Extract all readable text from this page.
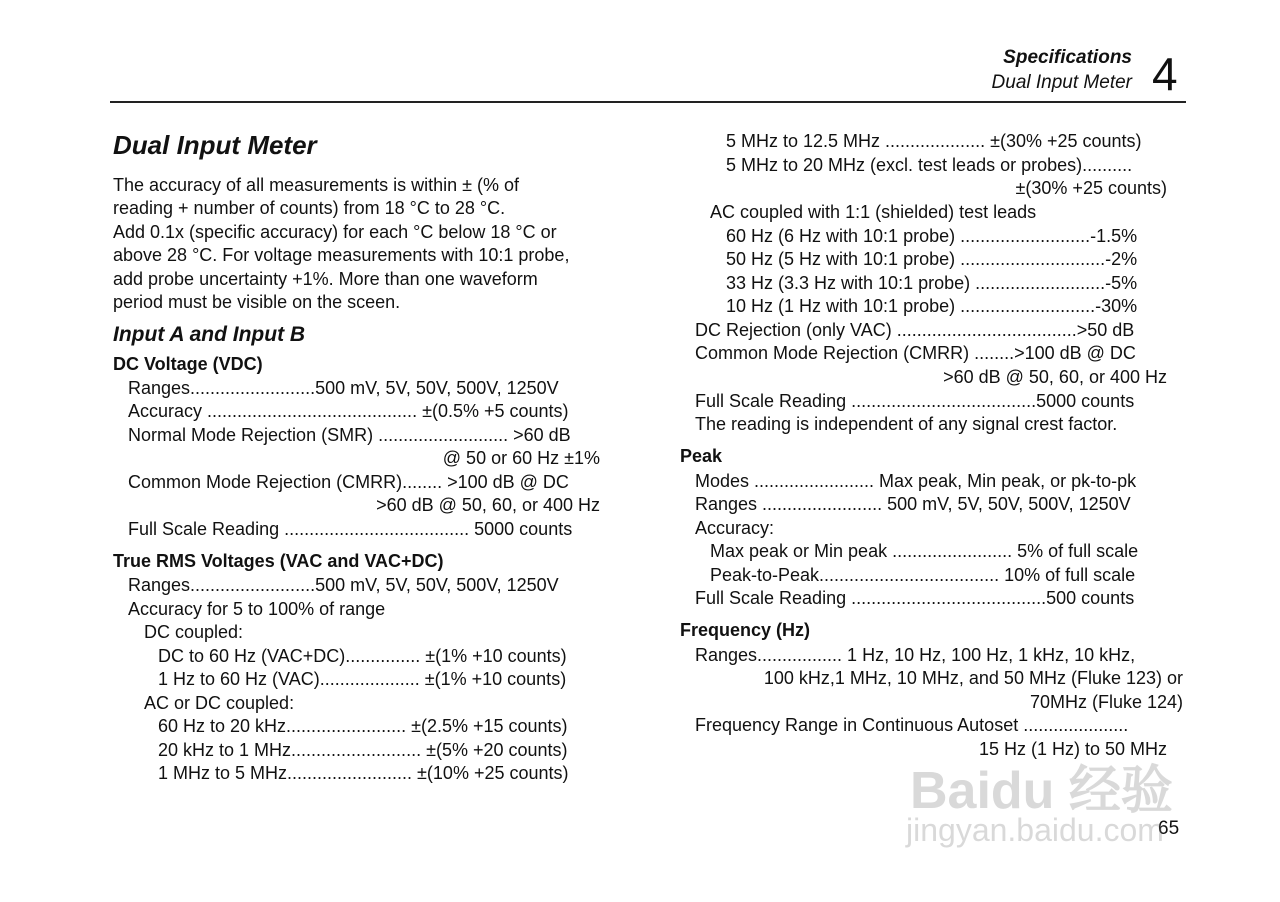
Specifications
Dual Input Meter 4
Dual Input Meter
The accuracy of all measurements is within ± (% of
reading + number of counts) from 18 °C to 28 °C.
Add 0.1x (specific accuracy) for each °C below 18 °C or
above 28 °C. For voltage measurements with 10:1 probe,
add probe uncertainty +1%. More than one waveform
period must be visible on the sceen.
Input A and Input B
DC Voltage (VDC)
Ranges.........................500 mV, 5V, 50V, 500V, 1250V
Accuracy .......................................... ±(0.5% +5 counts)
Normal Mode Rejection (SMR) .......................... >60 dB
@ 50 or 60 Hz ±1%
Common Mode Rejection (CMRR)........ >100 dB @ DC
>60 dB @ 50, 60, or 400 Hz
Full Scale Reading ..................................... 5000 counts
True RMS Voltages (VAC and VAC+DC)
Ranges.........................500 mV, 5V, 50V, 500V, 1250V
Accuracy for 5 to 100% of range
DC coupled:
DC to 60 Hz (VAC+DC)............... ±(1% +10 counts)
1 Hz to 60 Hz (VAC).................... ±(1% +10 counts)
AC or DC coupled:
60 Hz to 20 kHz........................ ±(2.5% +15 counts)
20 kHz to 1 MHz.......................... ±(5% +20 counts)
1 MHz to 5 MHz......................... ±(10% +25 counts)
5 MHz to 12.5 MHz .................... ±(30% +25 counts)
5 MHz to 20 MHz (excl. test leads or probes)..........
±(30% +25 counts)
AC coupled with 1:1 (shielded) test leads
60 Hz (6 Hz with 10:1 probe) ..........................-1.5%
50 Hz (5 Hz with 10:1 probe) .............................-2%
33 Hz (3.3 Hz with 10:1 probe) ..........................-5%
10 Hz (1 Hz with 10:1 probe) ...........................-30%
DC Rejection (only VAC) ....................................>50 dB
Common Mode Rejection (CMRR) ........>100 dB @ DC
>60 dB @ 50, 60, or 400 Hz
Full Scale Reading .....................................5000 counts
The reading is independent of any signal crest factor.
Peak
Modes ........................ Max peak, Min peak, or pk-to-pk
Ranges ........................ 500 mV, 5V, 50V, 500V, 1250V
Accuracy:
Max peak or Min peak ........................ 5% of full scale
Peak-to-Peak.................................... 10% of full scale
Full Scale Reading .......................................500 counts
Frequency (Hz)
Ranges................. 1 Hz, 10 Hz, 100 Hz, 1 kHz, 10 kHz,
100 kHz,1 MHz, 10 MHz, and 50 MHz (Fluke 123) or
70MHz (Fluke 124)
Frequency Range in Continuous Autoset .....................
15 Hz (1 Hz) to 50 MHz
65
Baidu 经验
jingyan.baidu.com
